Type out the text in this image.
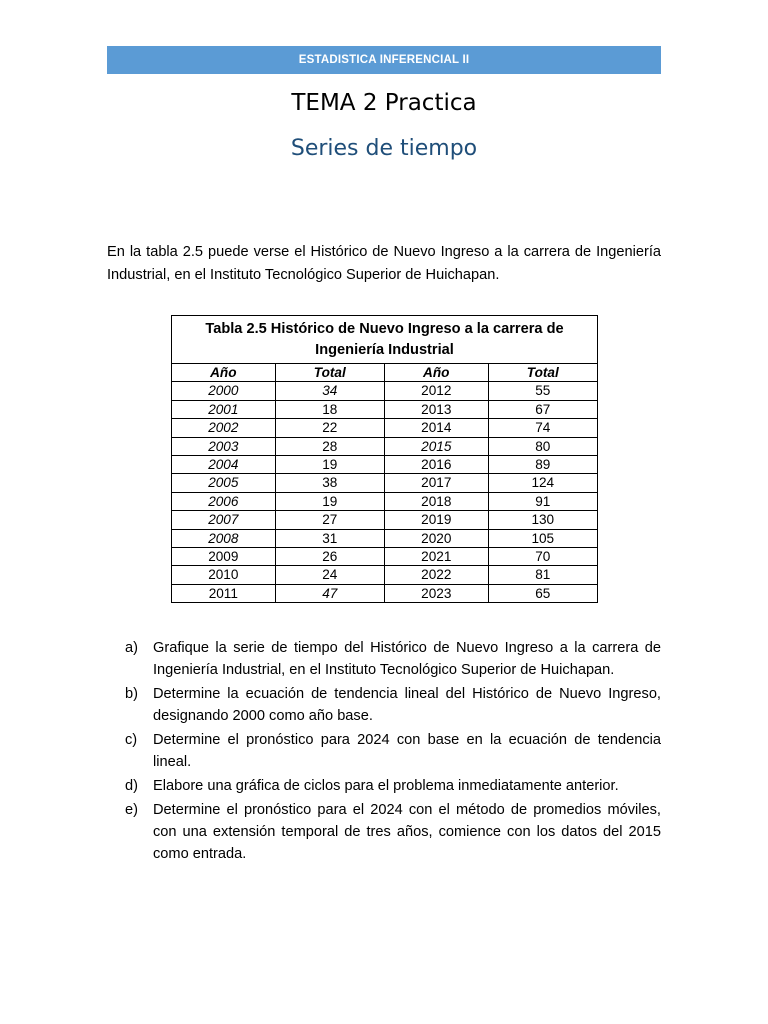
ESTADISTICA INFERENCIAL II
TEMA 2 Practica
Series de tiempo

En la tabla 2.5 puede verse el Histórico de Nuevo Ingreso a la carrera de Ingeniería Industrial, en el Instituto Tecnológico Superior de Huichapan.

Tabla 2.5 Histórico de Nuevo Ingreso a la carrera de Ingeniería Industrial			
Año	Total	Año	Total
2000	34	2012	55
2001	18	2013	67
2002	22	2014	74
2003	28	2015	80
2004	19	2016	89
2005	38	2017	124
2006	19	2018	91
2007	27	2019	130
2008	31	2020	105
2009	26	2021	70
2010	24	2022	81
2011	47	2023	65
a) Grafique la serie de tiempo del Histórico de Nuevo Ingreso a la carrera de Ingeniería Industrial, en el Instituto Tecnológico Superior de Huichapan.
b) Determine la ecuación de tendencia lineal del Histórico de Nuevo Ingreso, designando 2000 como año base.
c) Determine el pronóstico para 2024 con base en la ecuación de tendencia lineal.
d) Elabore una gráfica de ciclos para el problema inmediatamente anterior.
e) Determine el pronóstico para el 2024 con el método de promedios móviles, con una extensión temporal de tres años, comience con los datos del 2015 como entrada.
